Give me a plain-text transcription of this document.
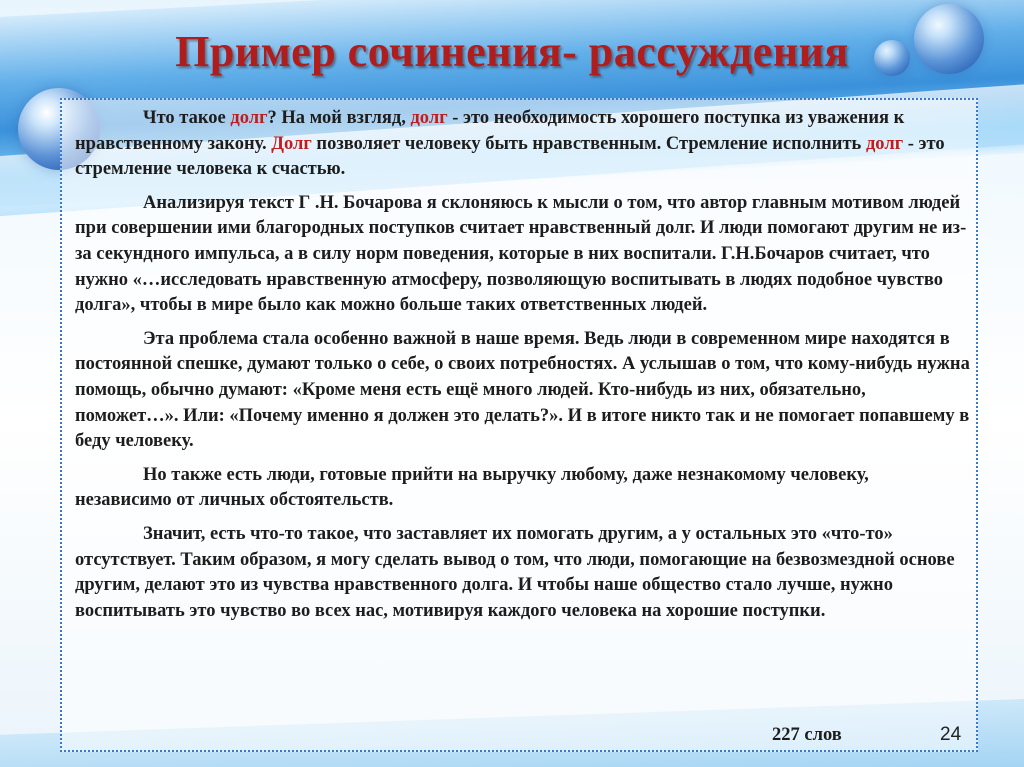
Пример сочинения- рассуждения

Что такое долг? На мой взгляд, долг - это необходимость хорошего поступка из уважения к нравственному закону. Долг позволяет человеку быть нравственным. Стремление исполнить долг - это стремление человека к счастью.

Анализируя текст Г .Н. Бочарова я склоняюсь к мысли о том, что автор главным мотивом людей при совершении ими благородных поступков считает нравственный долг. И люди помогают другим не из-за секундного импульса, а в силу норм поведения, которые в них воспитали. Г.Н.Бочаров считает, что нужно «…исследовать нравственную атмосферу, позволяющую воспитывать в людях подобное чувство долга», чтобы в мире было как можно больше таких ответственных людей.

Эта проблема стала особенно важной в наше время. Ведь люди в современном мире находятся в постоянной спешке, думают только о себе, о своих потребностях. А услышав о том, что кому-нибудь нужна помощь, обычно думают: «Кроме меня есть ещё много людей. Кто-нибудь из них, обязательно, поможет…». Или: «Почему именно я должен это делать?». И в итоге никто так и не помогает попавшему в беду человеку.

Но также есть люди, готовые прийти на выручку любому, даже незнакомому человеку, независимо от личных обстоятельств.

Значит, есть что-то такое, что заставляет их помогать другим, а у остальных это «что-то» отсутствует. Таким образом, я могу сделать вывод о том, что люди, помогающие на безвозмездной основе другим, делают это из чувства нравственного долга. И чтобы наше общество стало лучше, нужно воспитывать это чувство во всех нас, мотивируя каждого человека на хорошие поступки.

227 слов	24
